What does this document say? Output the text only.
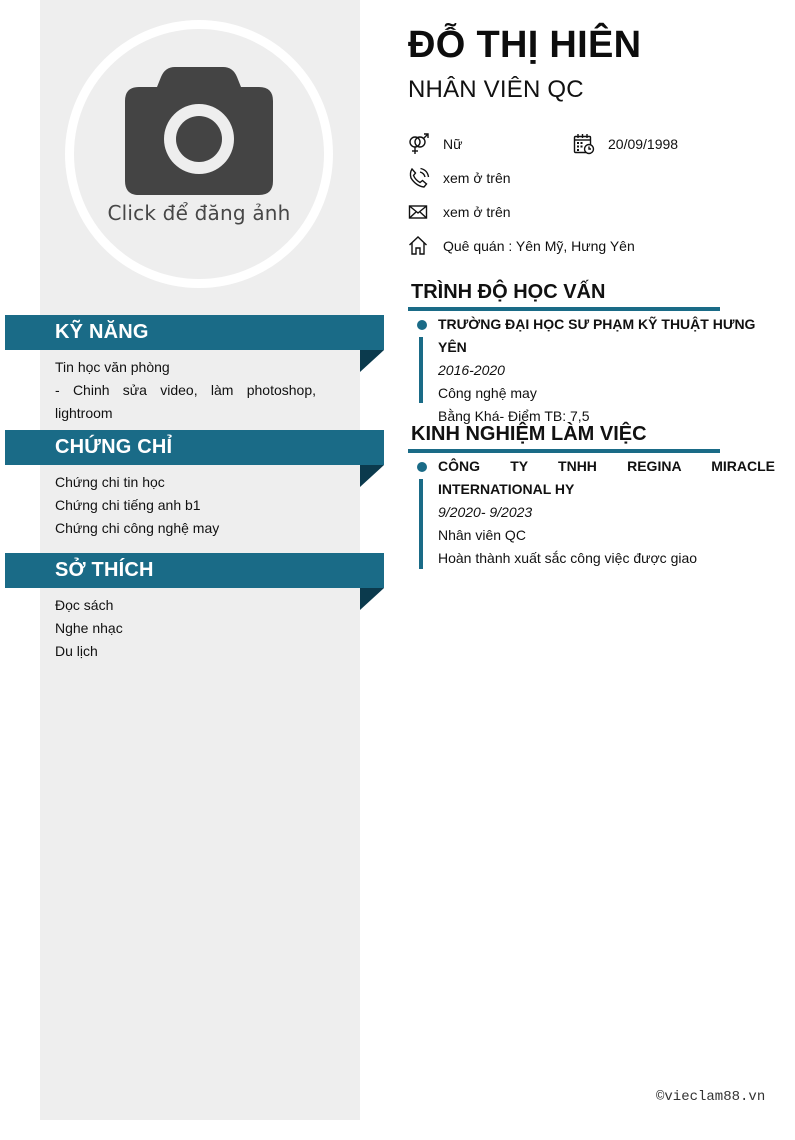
Click để đăng ảnh
KỸ NĂNG
Tin học văn phòng
- Chinh sửa video, làm photoshop, lightroom
CHỨNG CHỈ
Chứng chi tin học
Chứng chi tiếng anh b1
Chứng chi công nghệ may
SỞ THÍCH
Đọc sách
Nghe nhạc
Du lịch
ĐỖ THỊ HIÊN
NHÂN VIÊN QC
Nữ	20/09/1998
xem ở trên
xem ở trên
Quê quán : Yên Mỹ, Hưng Yên
TRÌNH ĐỘ HỌC VẤN
TRƯỜNG ĐẠI HỌC SƯ PHẠM KỸ THUẬT HƯNG YÊN
2016-2020
Công nghệ may
Bằng Khá- Điểm TB: 7,5
KINH NGHIỆM LÀM VIỆC
CÔNG TY TNHH REGINA MIRACLE INTERNATIONAL HY
9/2020- 9/2023
Nhân viên QC
Hoàn thành xuất sắc công việc được giao
©vieclam88.vn
